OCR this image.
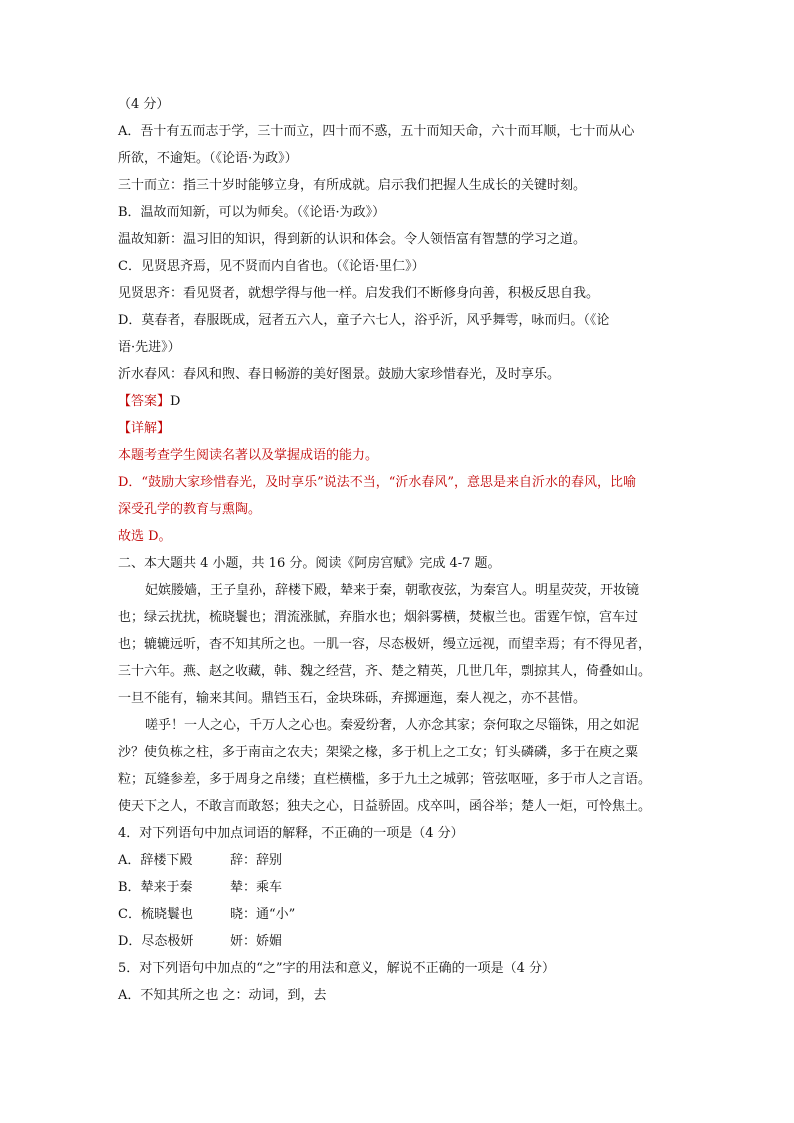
（4 分）
A．吾十有五而志于学，三十而立，四十而不惑，五十而知天命，六十而耳顺，七十而从心
所欲，不逾矩。（《论语·为政》）
三十而立：指三十岁时能够立身，有所成就。启示我们把握人生成长的关键时刻。
B．温故而知新，可以为师矣。（《论语·为政》）
温故知新：温习旧的知识，得到新的认识和体会。令人领悟富有智慧的学习之道。
C．见贤思齐焉，见不贤而内自省也。（《论语·里仁》）
见贤思齐：看见贤者，就想学得与他一样。启发我们不断修身向善，积极反思自我。
D．莫春者，春服既成，冠者五六人，童子六七人，浴乎沂，风乎舞雩，咏而归。（《论
语·先进》）
沂水春风：春风和煦、春日畅游的美好图景。鼓励大家珍惜春光，及时享乐。
【答案】D
【详解】
本题考查学生阅读名著以及掌握成语的能力。
D．“鼓励大家珍惜春光，及时享乐”说法不当，“沂水春风”，意思是来自沂水的春风，比喻
深受孔学的教育与熏陶。
故选 D。
二、本大题共 4 小题，共 16 分。阅读《阿房宫赋》完成 4-7 题。
妃嫔媵嫱，王子皇孙，辞楼下殿，辇来于秦，朝歌夜弦，为秦宫人。明星荧荧，开妆镜
也；绿云扰扰，梳晓鬟也；渭流涨腻，弃脂水也；烟斜雾横，焚椒兰也。雷霆乍惊，宫车过
也；辘辘远听，杳不知其所之也。一肌一容，尽态极妍，缦立远视，而望幸焉；有不得见者，
三十六年。燕、赵之收藏，韩、魏之经营，齐、楚之精英，几世几年，剽掠其人，倚叠如山。
一旦不能有，输来其间。鼎铛玉石，金块珠砾，弃掷逦迤，秦人视之，亦不甚惜。
嗟乎！一人之心，千万人之心也。秦爱纷奢，人亦念其家；奈何取之尽锱铢，用之如泥
沙？使负栋之柱，多于南亩之农夫；架梁之椽，多于机上之工女；钉头磷磷，多于在庾之粟
粒；瓦缝参差，多于周身之帛缕；直栏横槛，多于九土之城郭；管弦呕哑，多于市人之言语。
使天下之人，不敢言而敢怒；独夫之心，日益骄固。戍卒叫，函谷举；楚人一炬，可怜焦土。
4．对下列语句中加点词语的解释，不正确的一项是（4 分）
A．辞楼下殿	辞：辞别
B．辇来于秦	辇：乘车
C．梳晓鬟也	晓：通“小”
D．尽态极妍	妍：娇媚
5．对下列语句中加点的“之”字的用法和意义，解说不正确的一项是（4 分）
A．不知其所之也 之：动词，到，去
